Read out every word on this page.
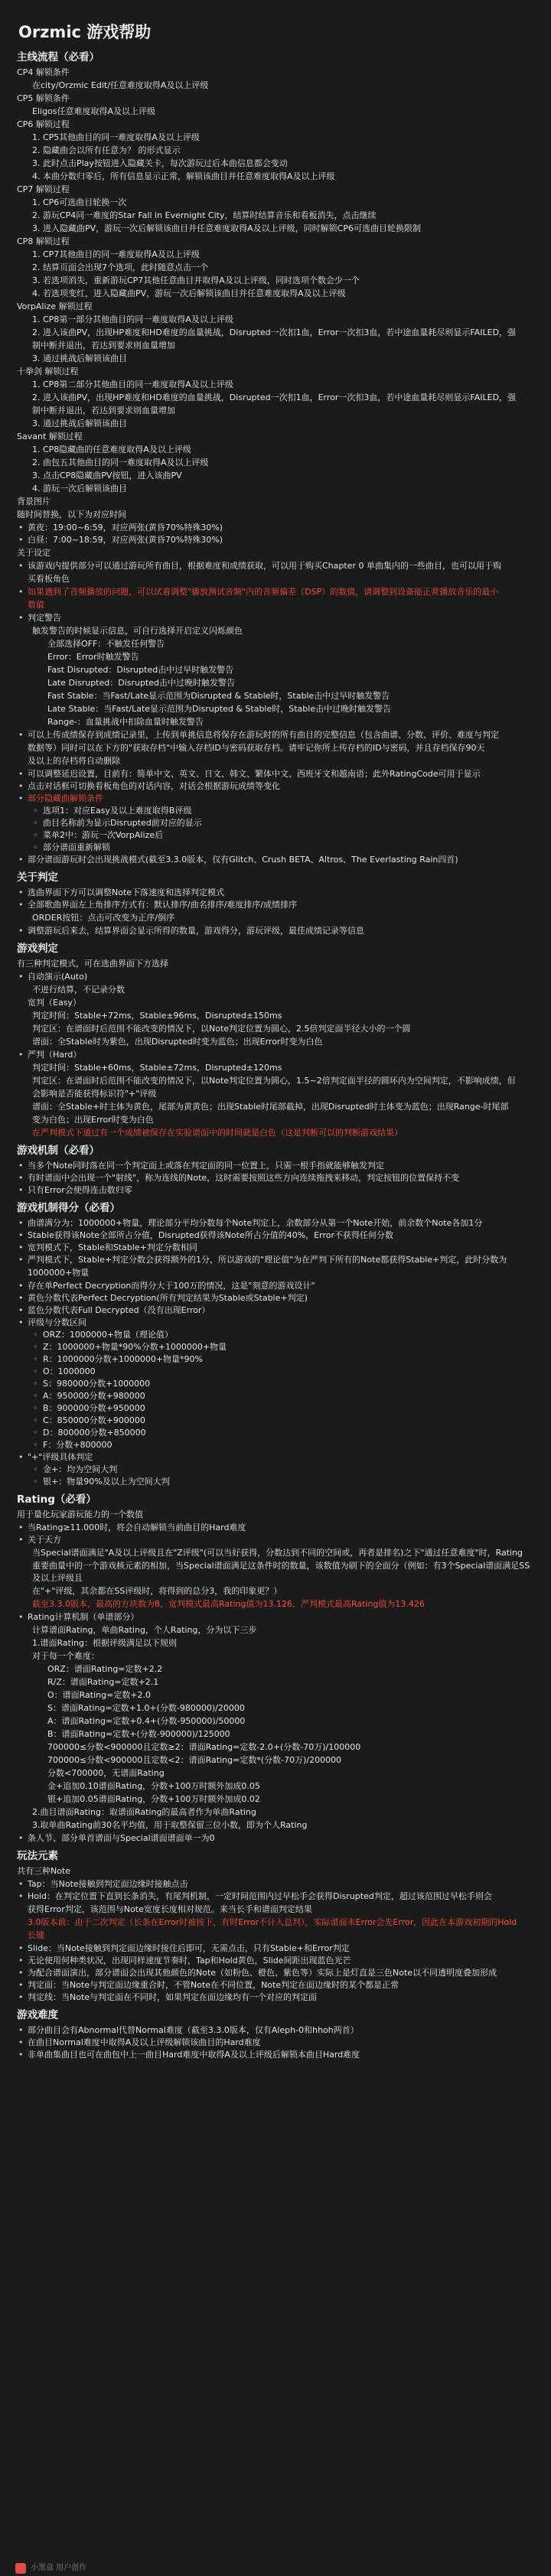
Orzmic 游戏帮助
主线流程（必看）
CP4 解锁条件
在city/Orzmic Edit/任意难度取得A及以上评级
CP5 解锁条件
Eligos任意难度取得A及以上评级
CP6 解锁过程
1. CP5其他曲目的同一难度取得A及以上评级
2. 隐藏曲会以所有任意为？ 的形式显示
3. 此时点击Play按钮进入隐藏关卡，每次游玩过后本曲信息都会变动
4. 本曲分数归零后，所有信息显示正常，解锁该曲目并任意难度取得A及以上评级
CP7 解锁过程
1. CP6可选曲目轮换一次
2. 游玩CP4同一难度的Star Fall in Evernight City，结算时结算音乐和看板消失，点击继续
3. 进入隐藏曲PV，游玩一次后解锁该曲目并任意难度取得A及以上评级，同时解锁CP6可选曲目轮换限制
CP8 解锁过程
1. CP7其他曲目的同一难度取得A及以上评级
2. 结算页面会出现7个选项，此时随意点击一个
3. 若选项消失，重新游玩CP7其他任意曲目并取得A及以上评级，同时选项个数会少一个
4. 若选项变红，进入隐藏曲PV，游玩一次后解锁该曲目并任意难度取得A及以上评级
VorpAlize 解锁过程
1. CP8第一部分其他曲目的同一难度取得A及以上评级
2. 进入该曲PV，出现HP难度和HD难度的血量挑战，Disrupted一次扣1血，Error一次扣3血，若中途血量耗尽则显示FAILED，强
制中断并退出，若达到要求则血量增加
3. 通过挑战后解锁该曲目
十拳剑 解锁过程
1. CP8第二部分其他曲目的同一难度取得A及以上评级
2. 进入该曲PV，出现HP难度和HD难度的血量挑战，Disrupted一次扣1血，Error一次扣3血，若中途血量耗尽则显示FAILED，强
制中断并退出，若达到要求则血量增加
3. 通过挑战后解锁该曲目
Savant 解锁过程
1. CP8隐藏曲的任意难度取得A及以上评级
2. 曲包五其他曲目的同一难度取得A及以上评级
3. 点击CP8隐藏曲PV按钮，进入该曲PV
4. 游玩一次后解锁该曲目
背景图片
随时间替换，以下为对应时间
• 黄夜：19:00~6:59，对应两张(黄昏70%特殊30%)
• 白昼：7:00~18:59，对应两张(黄昏70%特殊30%)
关于设定
• 该游戏内提供部分可以通过游玩所有曲目，根据难度和成绩获取，可以用于购买Chapter 0 单曲集内的一些曲目，也可以用于购
买看板角色
• 如果遇到了音频播放的问题，可以试着调整"播放测试音频"内的音频偏差（DSP）的数值，请调整到设备能正常播放音乐的最小
数值
• 判定警告
触发警告的时候显示信息，可自行选择开启定义闪烁颜色
全部选择OFF：不触发任何警告
Error：Error时触发警告
Fast Disrupted：Disrupted击中过早时触发警告
Late Disrupted：Disrupted击中过晚时触发警告
Fast Stable：当Fast/Late显示范围为Disrupted & Stable时，Stable击中过早时触发警告
Late Stable：当Fast/Late显示范围为Disrupted & Stable时，Stable击中过晚时触发警告
Range-：血量挑战中扣除血量时触发警告
• 可以上传成绩保存到成绩记录里，上传到单挑信息将保存在游玩时的所有曲目的完整信息（包含曲谱、分数、评价、难度与判定
数据等）同时可以在下方的"获取存档"中输入存档ID与密码获取存档。请牢记你所上传存档的ID与密码，并且存档保存90天
及以上的存档将自动删除
• 可以调整延迟设置，目前有：简单中文、英文、日文、韩文、繁体中文、西班牙文和越南语；此外RatingCode可用于显示
• 点击对话框可切换看板角色的对话内容，对话会根据游玩成绩等变化
• 部分隐藏曲解锁条件
◦ 选项1：对应Easy及以上难度取得B评级
◦ 曲目名称前为显示Disrupted前对应的显示
◦ 菜单2中：游玩一次VorpAlize后
◦ 部分谱面重新解锁
• 部分谱面游玩时会出现挑战模式(截至3.3.0版本，仅有Glitch、Crush BETA、Altros、The Everlasting Rain四首)
关于判定
• 选曲界面下方可以调整Note下落速度和选择判定模式
• 全部歌曲界面左上角排序方式有：默认排序/曲名排序/难度排序/成绩排序
ORDER按钮：点击可改变为正序/倒序
• 调整游玩后来去，结算界面会显示所得的数量，游戏得分，游玩评级，最佳成绩记录等信息
游戏判定
有三种判定模式，可在选曲界面下方选择
• 自动演示(Auto)
不进行结算，不记录分数
宽判（Easy）
判定时间：Stable+72ms，Stable±96ms，Disrupted±150ms
判定区：在谱面时后范围不能改变的情况下，以Note判定位置为圆心，2.5倍判定面半径大小的一个圆
谱面：全Stable时为紫色，出现Disrupted时变为蓝色；出现Error时变为白色
• 严判（Hard）
判定时间：Stable+60ms，Stable±72ms，Disrupted±120ms
判定区：在谱面时后范围不能改变的情况下，以Note判定位置为圆心，1.5~2倍判定面半径的圆环内为空间判定，不影响成绩，但
会影响是否能获得标识符"+"评级
谱面：全Stable+时主体为黄色，尾部为黄黄色；出现Stable时尾部截掉，出现Disrupted时主体变为蓝色；出现Range-时尾部
变为白色；出现Error时变为白色
在严判模式下通过有一个成绩被保存在实验谱面中的时间就是白色（这是判断可以的判断游戏结果）
游戏机制（必看）
• 当多个Note同时落在同一个判定面上或落在判定面的同一位置上，只需一根手指就能够触发判定
• 有时谱面中会出现一个"射线"，称为连线的Note，这时需要按照这些方向连续拖拽来移动，判定按钮的位置保持不变
• 只有Error会使得连击数归零
游戏机制得分（必看）
• 曲谱满分为：1000000+物量，理论部分平均分数每个Note判定上，余数部分从第一个Note开始，前余数个Note各加1分
• Stable获得该Note全部所占分值，Disrupted获得该Note所占分值的40%，Error不获得任何分数
• 宽判模式下，Stable和Stable+判定分数相同
• 严判模式下，Stable+判定分数会获得额外的1分，所以游戏的"理论值"为在严判下所有的Note都获得Stable+判定，此时分数为
1000000+物量
• 存在单Perfect Decryption而得分大于100万的情况，这是"刻意的游戏设计"
• 黄色分数代表Perfect Decryption(所有判定结果为Stable或Stable+判定)
• 蓝色分数代表Full Decrypted（没有出现Error）
• 评级与分数区间
◦ ORZ：1000000+物量（理论值）
◦ Z：1000000+物量*90%分数+1000000+物量
◦ R：1000000分数+1000000+物量*90%
◦ O：1000000
◦ S：980000分数+1000000
◦ A：950000分数+980000
◦ B：900000分数+950000
◦ C：850000分数+900000
◦ D：800000分数+850000
◦ F：分数+800000
• "+"评级具体判定
◦ 金+：均为空间大判
◦ 银+：物量90%及以上为空间大判
Rating（必看）
用于量化玩家游玩能力的一个数值
• 当Rating≥11.000时，将会自动解锁当前曲目的Hard难度
• 关于天方
当Special谱面满足"A及以上评级且在"Z评级"(可以当好获得，分数达到不同的空间或，再者是排名)之下"通过任意难度"时，Rating
重要曲量中的一个游戏核元素的相加，当Special谱面满足这条件时的数量，该数值为刷下的全面分（例如：有3个Special谱面满足SS及以上评级且
在"+"评级，其余都在SS评级时，将得到的总分3，我的印象更？）
截至3.3.0版本，最高的方块数为8，宽判模式最高Rating值为13.126，严判模式最高Rating值为13.426
• Rating计算机制（单谱部分）
计算谱面Rating，单曲Rating，个人Rating，分为以下三步
1.谱面Rating：根据评级满足以下规则
对于每一个难度：
ORZ：谱面Rating=定数+2.2
R/Z：谱面Rating=定数+2.1
O：谱面Rating=定数+2.0
S：谱面Rating=定数+1.0+(分数-980000)/20000
A：谱面Rating=定数+0.4+(分数-950000)/50000
B：谱面Rating=定数+(分数-900000)/125000
700000≤分数<900000且定数≥2：谱面Rating=定数-2.0+(分数-70万)/100000
700000≤分数<900000且定数<2：谱面Rating=定数*(分数-70万)/200000
分数<700000，无谱面Rating
金+追加0.10谱面Rating，分数+100万时额外加成0.05
银+追加0.05谱面Rating，分数+100万时额外加成0.02
2.曲目谱面Rating：取谱面Rating的最高者作为单曲Rating
3.取单曲Rating前30名平均值，用于取整保留三位小数，即为个人Rating
• 条人节、部分单首谱面与Special谱面谱面单一为0
玩法元素
共有三种Note
• Tap：当Note接触到判定面边缘时接触点击
• Hold：在判定位置下直到长条消失，有尾判机制，一定时间范围内过早松手会获得Disrupted判定，超过该范围过早松手则会
获得Error判定，该范围与Note宽度长度相对规范。来当长手和谱面判定结果
3.0版本前：由于二次判定（长条在Error时被按下，有时Error不计入总判），实际谱面未Error会先Error，因此在本游戏初期的Hold
长键
• Slide：当Note接触到判定面边缘时接住后即可，无需点击，只有Stable+和Error判定
• 无论使用何种类状况，出现同样速度节奏时，Tap和Hold黄色，Slide间距出现蓝色光芒
• 为配合谱面演出，部分谱面会出现其他颜色的Note（如粉色、橙色、紫色等）实际上是灯直是三色Note以不同透明度叠加形成
• 判定面：当Note与判定面边缘重合时，不管Note在不同位置，Note判定在面边缘时的某个都是正常
• 判定线：当Note与判定面在不同时，如果判定在面边缘均有一个对应的判定面
游戏难度
• 部分曲目会有Abnormal代替Normal难度（截至3.3.0版本，仅有Aleph-0和hhoh两首）
• 在曲目Normal难度中取得A及以上评级解锁该曲目的Hard难度
• 非单曲集曲目也可在曲包中上一曲目Hard难度中取得A及以上评级后解锁本曲目Hard难度
小黑盒 用户创作
